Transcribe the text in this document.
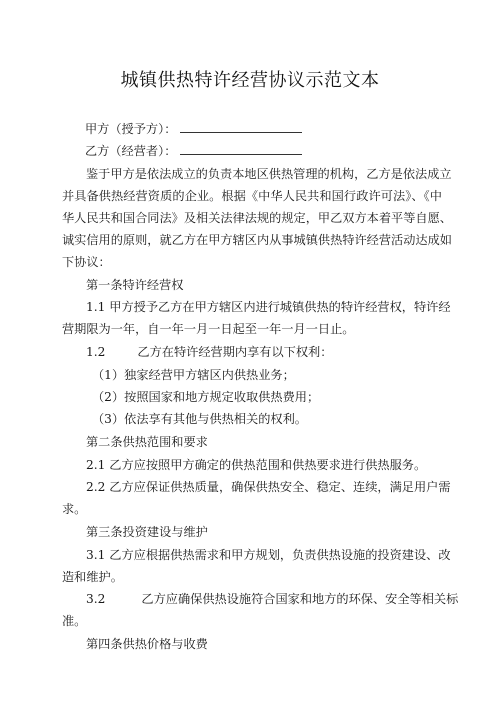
城镇供热特许经营协议示范文本
甲方（授予方）：
乙方（经营者）：
鉴于甲方是依法成立的负责本地区供热管理的机构，乙方是依法成立
并具备供热经营资质的企业。根据《中华人民共和国行政许可法》、《中
华人民共和国合同法》及相关法律法规的规定，甲乙双方本着平等自愿、
诚实信用的原则，就乙方在甲方辖区内从事城镇供热特许经营活动达成如
下协议：
第一条特许经营权
1.1 甲方授予乙方在甲方辖区内进行城镇供热的特许经营权，特许经
营期限为一年，自一年一月一日起至一年一月一日止。
1.2	乙方在特许经营期内享有以下权利：
（1）独家经营甲方辖区内供热业务；
（2）按照国家和地方规定收取供热费用；
（3）依法享有其他与供热相关的权利。
第二条供热范围和要求
2.1 乙方应按照甲方确定的供热范围和供热要求进行供热服务。
2.2 乙方应保证供热质量，确保供热安全、稳定、连续，满足用户需
求。
第三条投资建设与维护
3.1 乙方应根据供热需求和甲方规划，负责供热设施的投资建设、改
造和维护。
3.2	乙方应确保供热设施符合国家和地方的环保、安全等相关标
准。
第四条供热价格与收费
